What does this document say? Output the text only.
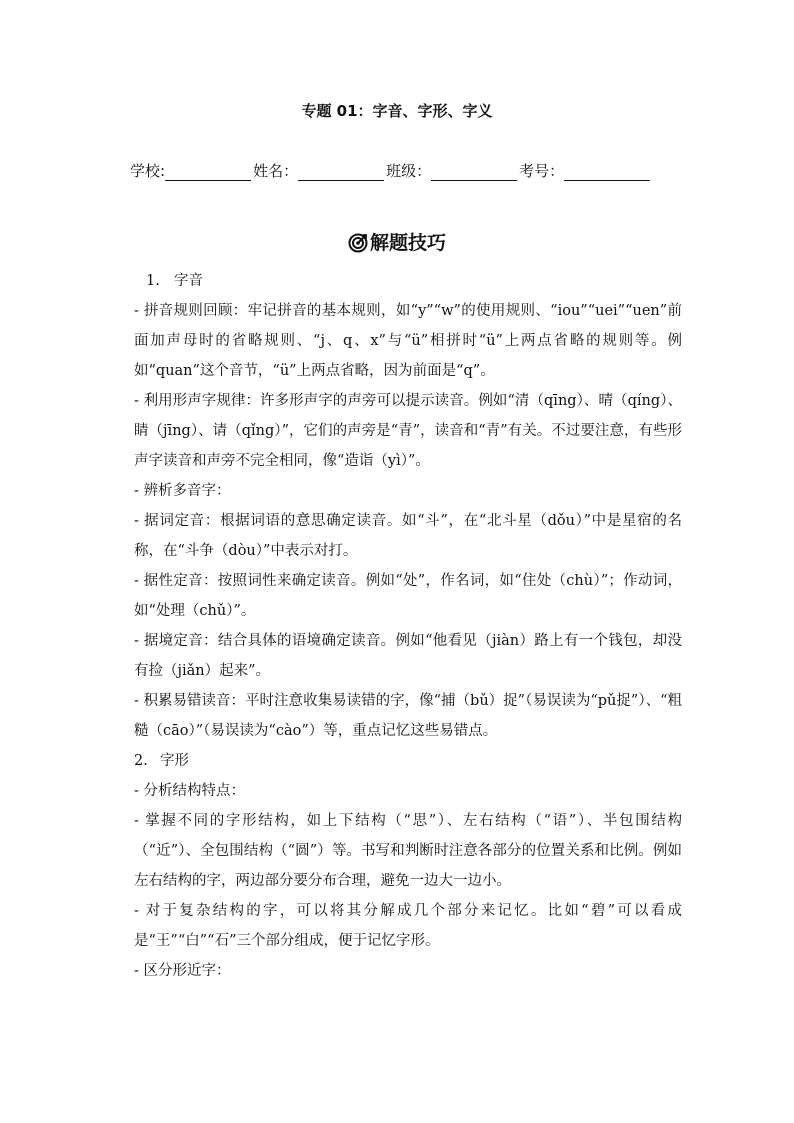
专题 01：字音、字形、字义
学校:	姓名：	班级：	考号：
解题技巧

1. 字音

- 拼音规则回顾：牢记拼音的基本规则，如“y”“w”的使用规则、“iou”“uei”“uen”前面加声母时的省略规则、“j、q、x”与“ü”相拼时“ü”上两点省略的规则等。例如“quan”这个音节，“ü”上两点省略，因为前面是“q”。

- 利用形声字规律：许多形声字的声旁可以提示读音。例如“清（qīng）、晴（qíng）、睛（jīng）、请（qǐng）”，它们的声旁是“青”，读音和“青”有关。不过要注意，有些形声字读音和声旁不完全相同，像“造诣（yì）”。

- 辨析多音字：

- 据词定音：根据词语的意思确定读音。如“斗”，在“北斗星（dǒu）”中是星宿的名称，在“斗争（dòu）”中表示对打。

- 据性定音：按照词性来确定读音。例如“处”，作名词，如“住处（chù）”；作动词，如“处理（chǔ）”。

- 据境定音：结合具体的语境确定读音。例如“他看见（jiàn）路上有一个钱包，却没有捡（jiǎn）起来”。

- 积累易错读音：平时注意收集易读错的字，像“捕（bǔ）捉”（易误读为“pǔ捉”）、“粗糙（cāo）”（易误读为“cào”）等，重点记忆这些易错点。

2. 字形

- 分析结构特点：

- 掌握不同的字形结构，如上下结构（“思”）、左右结构（“语”）、半包围结构（“近”）、全包围结构（“圆”）等。书写和判断时注意各部分的位置关系和比例。例如左右结构的字，两边部分要分布合理，避免一边大一边小。

- 对于复杂结构的字，可以将其分解成几个部分来记忆。比如“碧”可以看成是“王”“白”“石”三个部分组成，便于记忆字形。

- 区分形近字：
